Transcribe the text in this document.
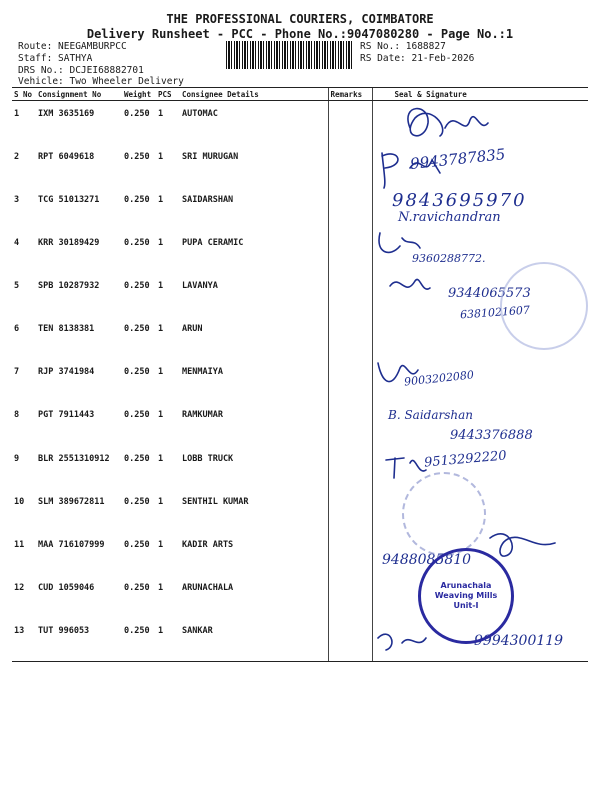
THE PROFESSIONAL COURIERS, COIMBATORE
Delivery Runsheet - PCC - Phone No.:9047080280 - Page No.:1
Route: NEEGAMBURPCC
Staff: SATHYA
DRS No.: DCJEI68882701
Vehicle: Two Wheeler Delivery
RS No.: 1688827
RS Date: 21-Feb-2026
S No	Consignment No	Weight	PCS	Consignee Details	Remarks	Seal & Signature
1	IXM 3635169	0.250	1	AUTOMAC		
2	RPT 6049618	0.250	1	SRI MURUGAN		
3	TCG 51013271	0.250	1	SAIDARSHAN		
4	KRR 30189429	0.250	1	PUPA CERAMIC		
5	SPB 10287932	0.250	1	LAVANYA		
6	TEN 8138381	0.250	1	ARUN		
7	RJP 3741984	0.250	1	MENMAIYA		
8	PGT 7911443	0.250	1	RAMKUMAR		
9	BLR 2551310912	0.250	1	LOBB TRUCK		
10	SLM 389672811	0.250	1	SENTHIL KUMAR		
11	MAA 716107999	0.250	1	KADIR ARTS		
12	CUD 1059046	0.250	1	ARUNACHALA		
13	TUT 996053	0.250	1	SANKAR		
9943787835
9843695970
N.ravichandran
9360288772.
9344065573
6381021607
9003202080
B. Saidarshan
9443376888
9513292220
9488085810
9994300119
Arunachala Weaving Mills Unit-I
